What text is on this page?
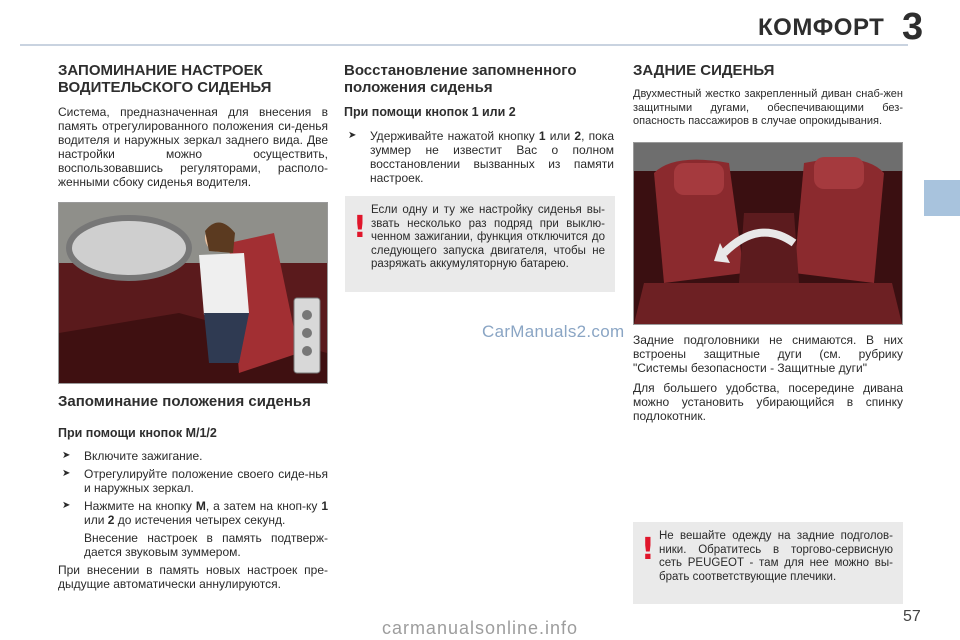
КОМФОРТ 3
ЗАПОМИНАНИЕ НАСТРОЕК ВОДИТЕЛЬСКОГО СИДЕНЬЯ

Система, предназначенная для внесения в память отрегулированного положения си-денья водителя и наружных зеркал заднего вида. Две настройки можно осуществить, воспользовавшись регуляторами, располо-женными сбоку сиденья водителя.

Запоминание положения сиденья
При помощи кнопок M/1/2
➤ Включите зажигание.
➤ Отрегулируйте положение своего сиде-нья и наружных зеркал.
➤ Нажмите на кнопку M, а затем на кноп-ку 1 или 2 до истечения четырех секунд.
Внесение настроек в память подтверж-дается звуковым зуммером.

При внесении в память новых настроек пре-дыдущие автоматически аннулируются.

Восстановление запомненного положения сиденья
При помощи кнопок 1 или 2
➤ Удерживайте нажатой кнопку 1 или 2, пока зуммер не известит Вас о полном восстановлении вызванных из памяти настроек.
! Если одну и ту же настройку сиденья вы-звать несколько раз подряд при выклю-ченном зажигании, функция отключится до следующего запуска двигателя, чтобы не разряжать аккумуляторную батарею.

CarManuals2.com
ЗАДНИЕ СИДЕНЬЯ

Двухместный жестко закрепленный диван снаб-жен защитными дугами, обеспечивающими без-опасность пассажиров в случае опрокидывания.

Задние подголовники не снимаются. В них встроены защитные дуги (см. рубрику "Системы безопасности - Защитные дуги"

Для большего удобства, посередине дивана можно установить убирающийся в спинку подлокотник.

! Не вешайте одежду на задние подголов-ники. Обратитесь в торгово-сервисную сеть PEUGEOT - там для нее можно вы-брать соответствующие плечики.

57
carmanualsonline.info
